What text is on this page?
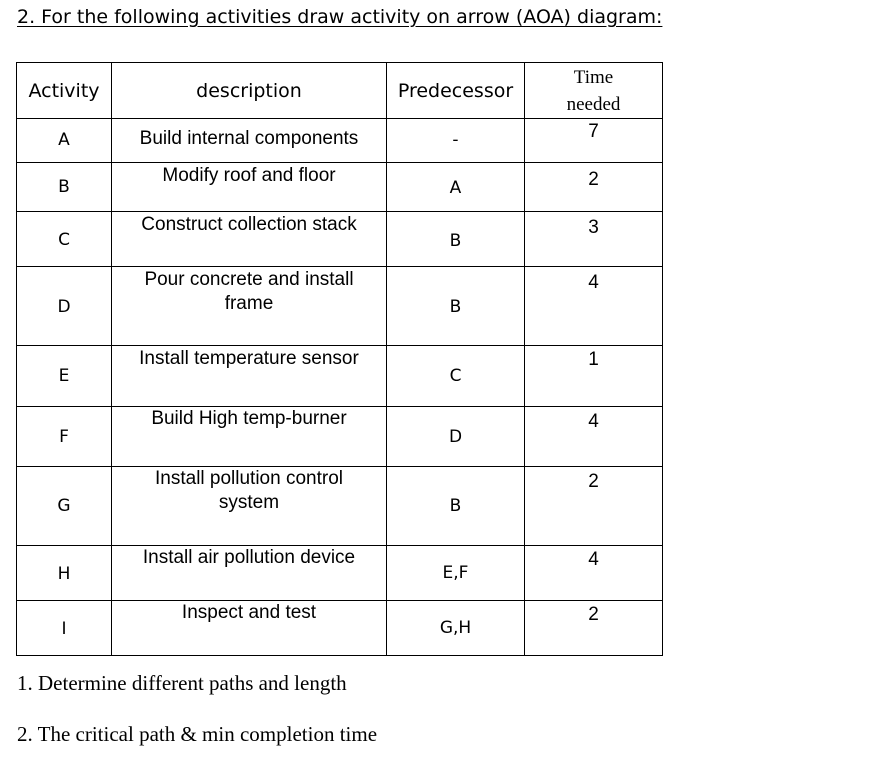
2. For the following activities draw activity on arrow (AOA) diagram:
Activity	description	Predecessor	Time
needed

A	Build internal components	-	7

B	Modify roof and floor	A	2

C	Construct collection stack	B	3

D	Pour concrete and install
frame	B	4

E	Install temperature sensor	C	1

F	Build High temp-burner	D	4

G	Install pollution control
system	B	2

H	Install air pollution device	E,F	4

I	Inspect and test	G,H	2
1. Determine different paths and length
2. The critical path & min completion time
